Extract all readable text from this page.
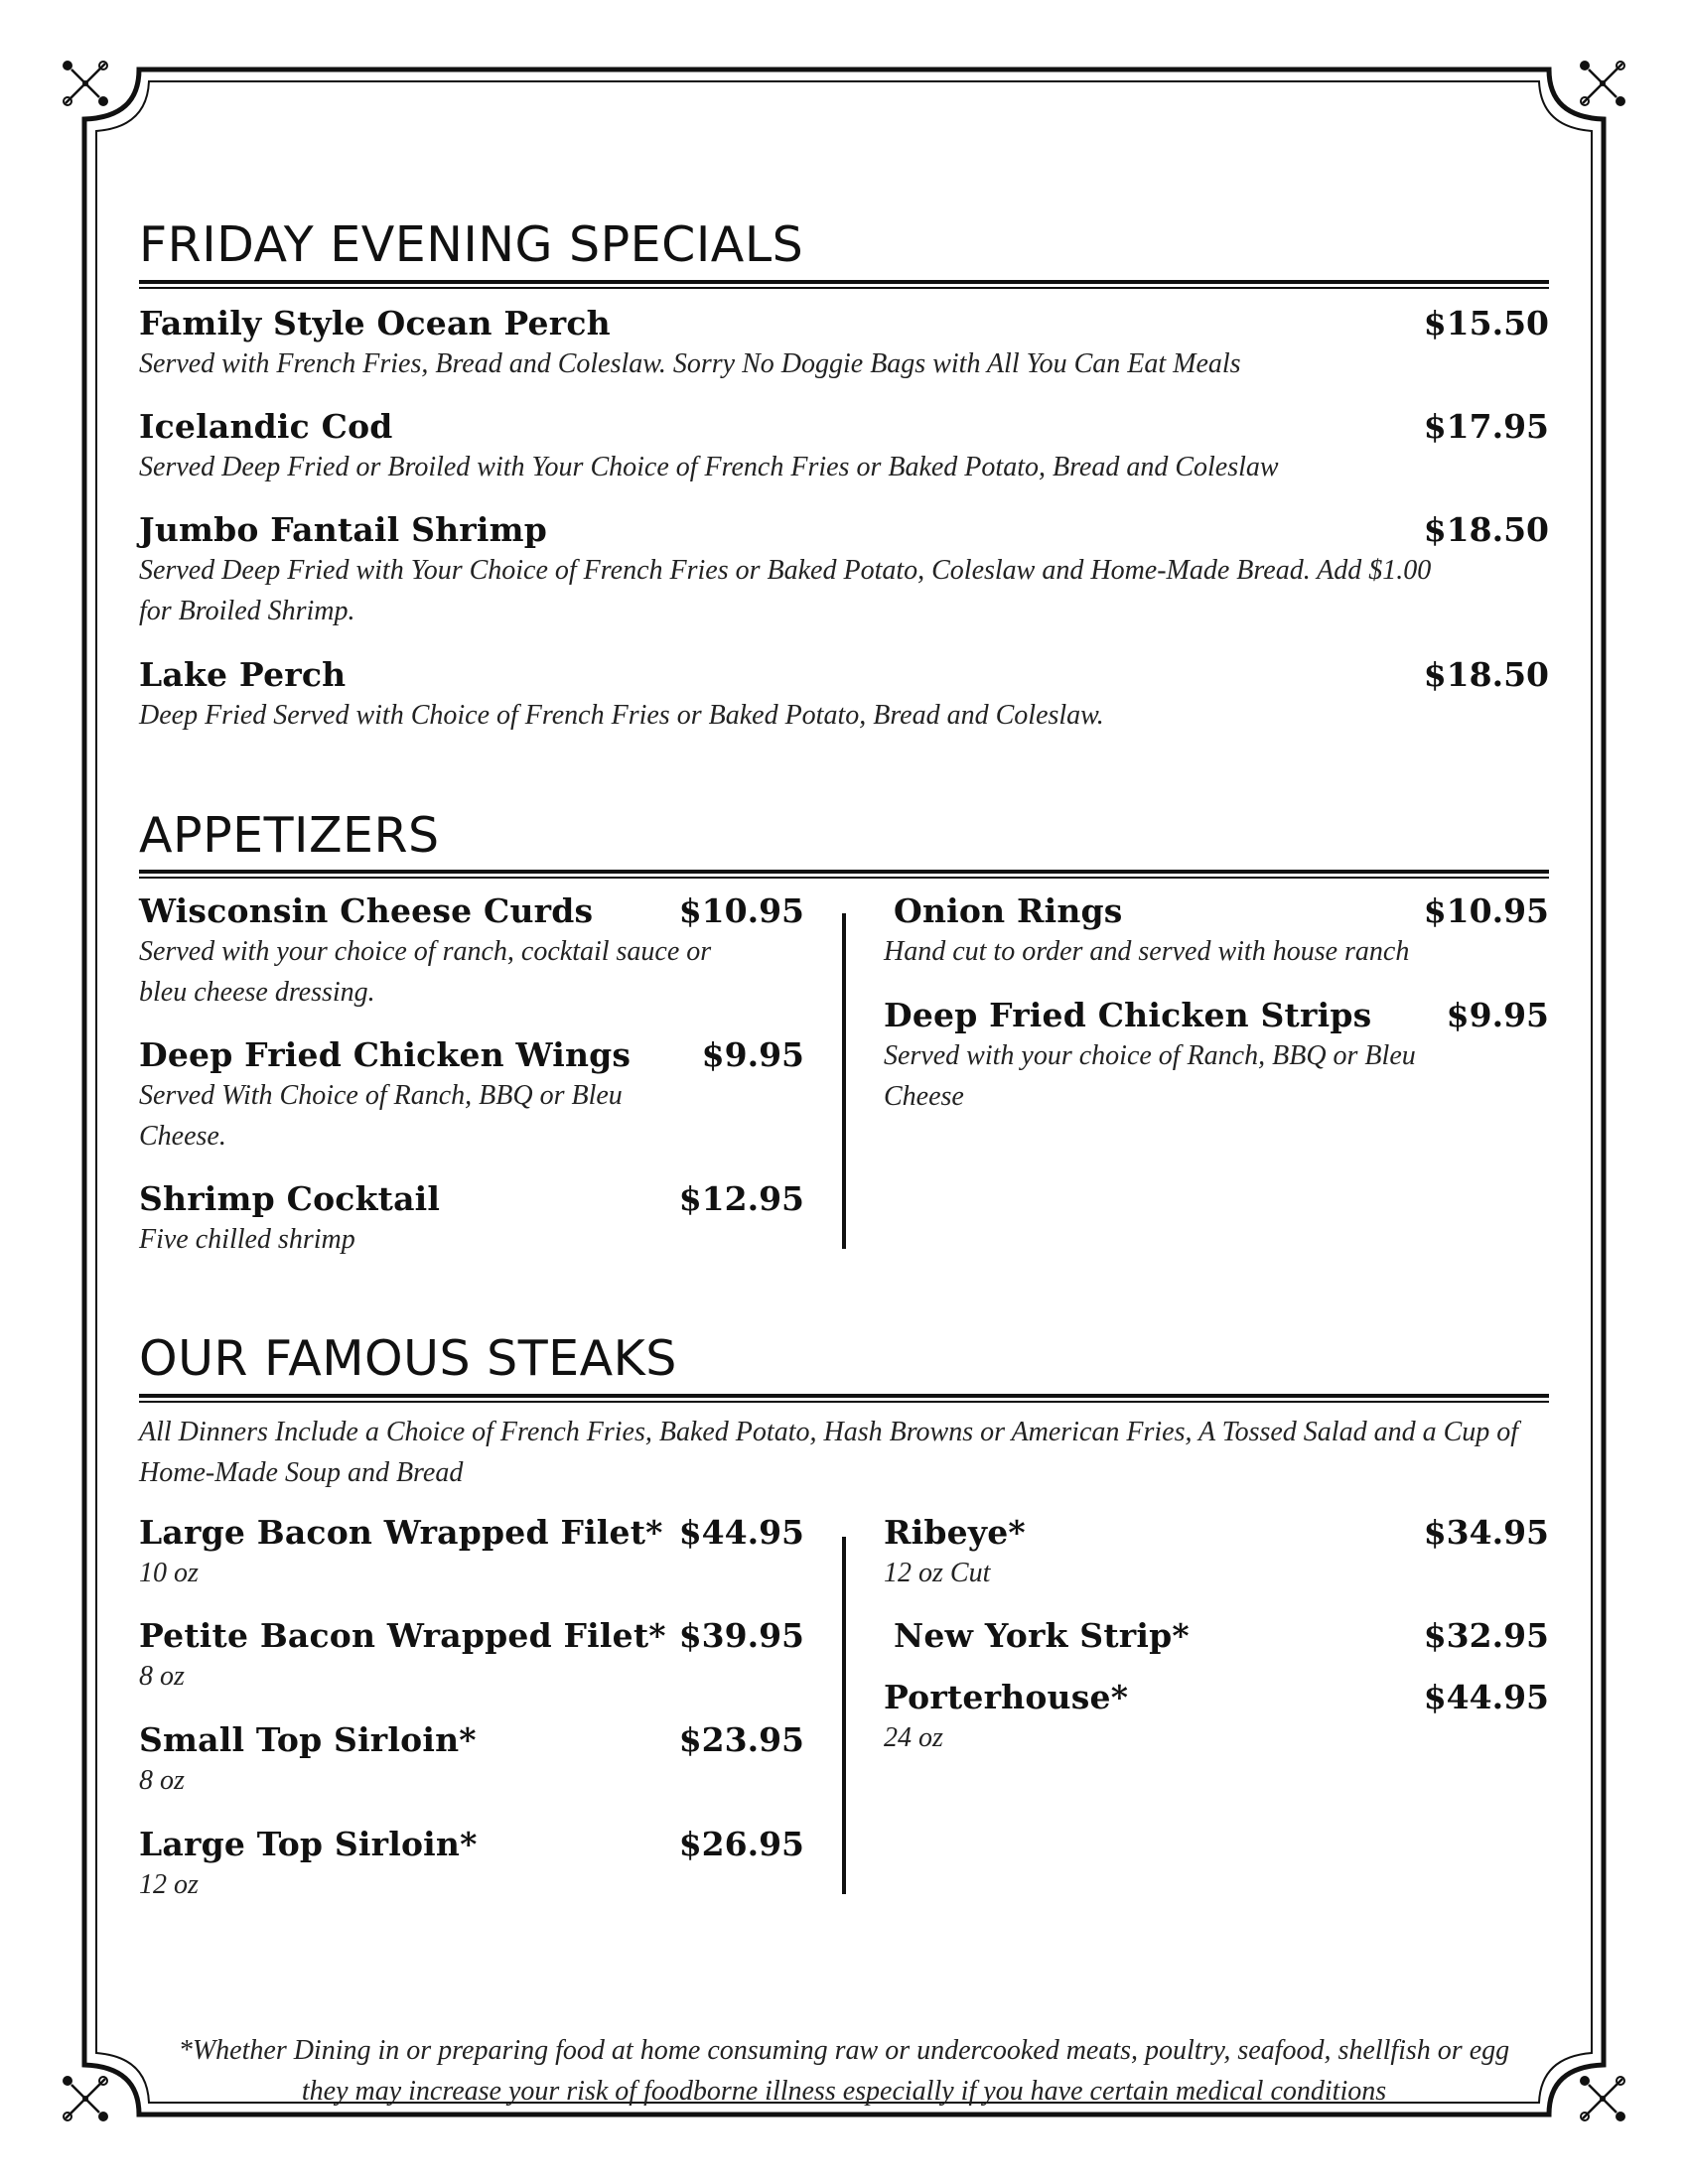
FRIDAY EVENING SPECIALS
Family Style Ocean Perch	$15.50
Served with French Fries, Bread and Coleslaw. Sorry No Doggie Bags with All You Can Eat Meals
Icelandic Cod	$17.95
Served Deep Fried or Broiled with Your Choice of French Fries or Baked Potato, Bread and Coleslaw
Jumbo Fantail Shrimp	$18.50
Served Deep Fried with Your Choice of French Fries or Baked Potato, Coleslaw and Home-Made Bread. Add $1.00 for Broiled Shrimp.
Lake Perch	$18.50
Deep Fried Served with Choice of French Fries or Baked Potato, Bread and Coleslaw.
APPETIZERS
Wisconsin Cheese Curds	$10.95
Served with your choice of ranch, cocktail sauce or bleu cheese dressing.
Deep Fried Chicken Wings	$9.95
Served With Choice of Ranch, BBQ or Bleu Cheese.
Shrimp Cocktail	$12.95
Five chilled shrimp
Onion Rings	$10.95
Hand cut to order and served with house ranch
Deep Fried Chicken Strips	$9.95
Served with your choice of Ranch, BBQ or Bleu Cheese
OUR FAMOUS STEAKS
All Dinners Include a Choice of French Fries, Baked Potato, Hash Browns or American Fries, A Tossed Salad and a Cup of Home-Made Soup and Bread
Large Bacon Wrapped Filet* $44.95
10 oz
Petite Bacon Wrapped Filet* $39.95
8 oz
Small Top Sirloin*	$23.95
8 oz
Large Top Sirloin*	$26.95
12 oz
Ribeye*	$34.95
12 oz Cut
New York Strip*	$32.95
Porterhouse*	$44.95
24 oz
*Whether Dining in or preparing food at home consuming raw or undercooked meats, poultry, seafood, shellfish or egg they may increase your risk of foodborne illness especially if you have certain medical conditions
